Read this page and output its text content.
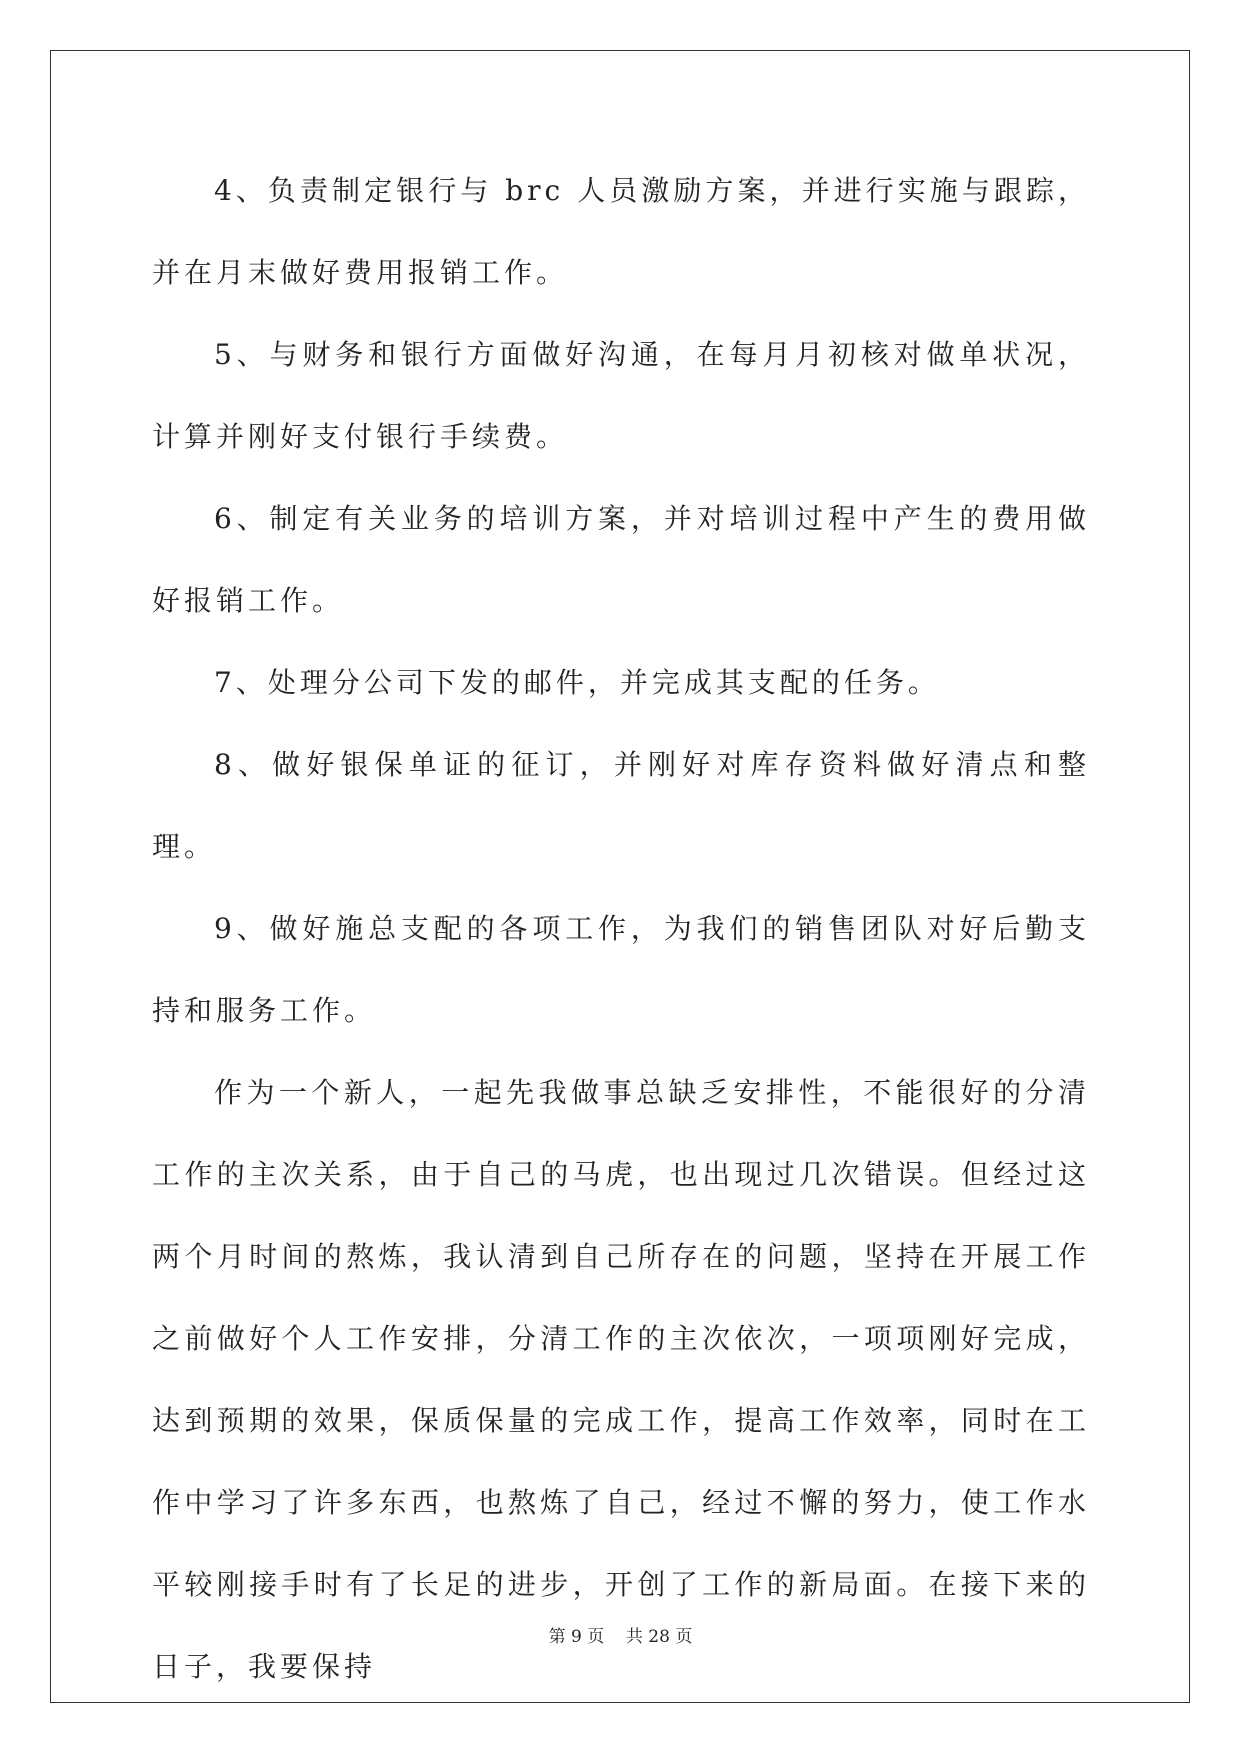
4、负责制定银行与 brc 人员激励方案，并进行实施与跟踪，并在月末做好费用报销工作。

5、与财务和银行方面做好沟通，在每月月初核对做单状况，计算并刚好支付银行手续费。

6、制定有关业务的培训方案，并对培训过程中产生的费用做好报销工作。

7、处理分公司下发的邮件，并完成其支配的任务。

8、做好银保单证的征订，并刚好对库存资料做好清点和整理。

9、做好施总支配的各项工作，为我们的销售团队对好后勤支持和服务工作。

作为一个新人，一起先我做事总缺乏安排性，不能很好的分清工作的主次关系，由于自己的马虎，也出现过几次错误。但经过这两个月时间的熬炼，我认清到自己所存在的问题，坚持在开展工作之前做好个人工作安排，分清工作的主次依次，一项项刚好完成，达到预期的效果，保质保量的完成工作，提高工作效率，同时在工作中学习了许多东西，也熬炼了自己，经过不懈的努力，使工作水平较刚接手时有了长足的进步，开创了工作的新局面。在接下来的日子，我要保持

第 9 页 共 28 页
